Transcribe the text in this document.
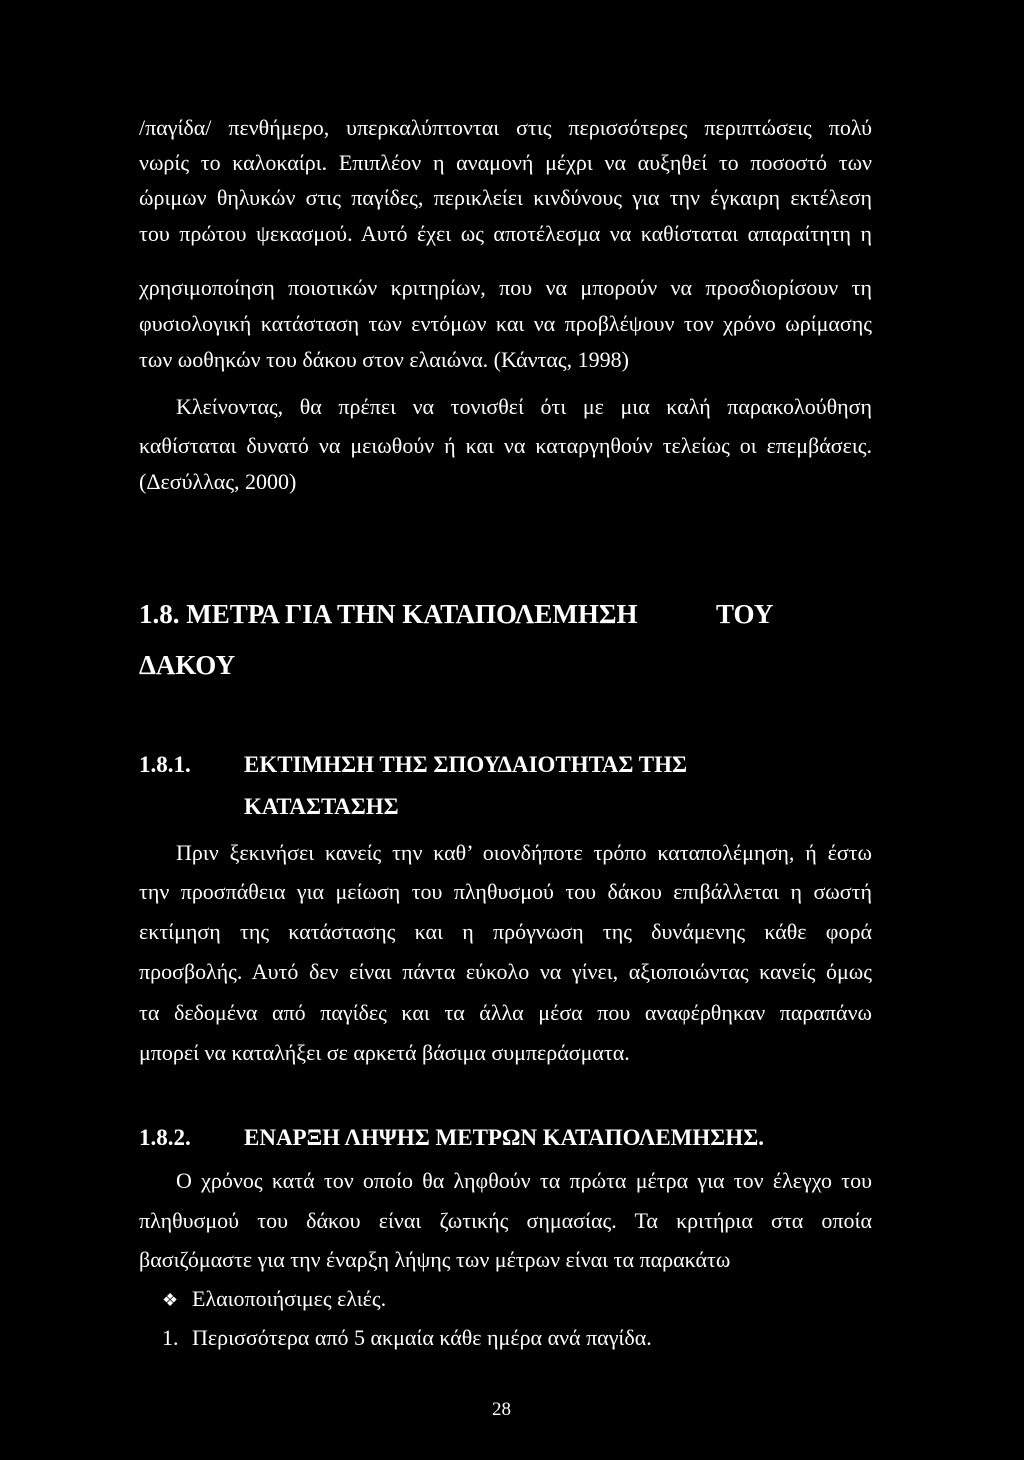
/παγίδα/ πενθήμερο, υπερκαλύπτονται στις περισσότερες περιπτώσεις πολύ
νωρίς το καλοκαίρι. Επιπλέον η αναμονή μέχρι να αυξηθεί το ποσοστό των
ώριμων θηλυκών στις παγίδες, περικλείει κινδύνους για την έγκαιρη εκτέλεση
του πρώτου ψεκασμού. Αυτό έχει ως αποτέλεσμα να καθίσταται απαραίτητη η
χρησιμοποίηση ποιοτικών κριτηρίων, που να μπορούν να προσδιορίσουν τη
φυσιολογική κατάσταση των εντόμων και να προβλέψουν τον χρόνο ωρίμασης
των ωοθηκών του δάκου στον ελαιώνα. (Κάντας, 1998)
Κλείνοντας, θα πρέπει να τονισθεί ότι με μια καλή παρακολούθηση
καθίσταται δυνατό να μειωθούν ή και να καταργηθούν τελείως οι επεμβάσεις.
(Δεσύλλας, 2000)
1.8. ΜΕΤΡΑ ΓΙΑ ΤΗΝ ΚΑΤΑΠΟΛΕΜΗΣΗ	ΤΟΥ
ΔΑΚΟΥ
1.8.1. ΕΚΤΙΜΗΣΗ ΤΗΣ ΣΠΟΥΔΑΙΟΤΗΤΑΣ ΤΗΣ
ΚΑΤΑΣΤΑΣΗΣ
Πριν ξεκινήσει κανείς την καθ’ οιονδήποτε τρόπο καταπολέμηση, ή έστω
την προσπάθεια για μείωση του πληθυσμού του δάκου επιβάλλεται η σωστή
εκτίμηση της κατάστασης και η πρόγνωση της δυνάμενης κάθε φορά
προσβολής. Αυτό δεν είναι πάντα εύκολο να γίνει, αξιοποιώντας κανείς όμως
τα δεδομένα από παγίδες και τα άλλα μέσα που αναφέρθηκαν παραπάνω
μπορεί να καταλήξει σε αρκετά βάσιμα συμπεράσματα.
1.8.2. ΕΝΑΡΞΗ ΛΗΨΗΣ ΜΕΤΡΩΝ ΚΑΤΑΠΟΛΕΜΗΣΗΣ.
Ο χρόνος κατά τον οποίο θα ληφθούν τα πρώτα μέτρα για τον έλεγχο του
πληθυσμού του δάκου είναι ζωτικής σημασίας. Τα κριτήρια στα οποία
βασιζόμαστε για την έναρξη λήψης των μέτρων είναι τα παρακάτω
❖ Ελαιοποιήσιμες ελιές.
1. Περισσότερα από 5 ακμαία κάθε ημέρα ανά παγίδα.
28
